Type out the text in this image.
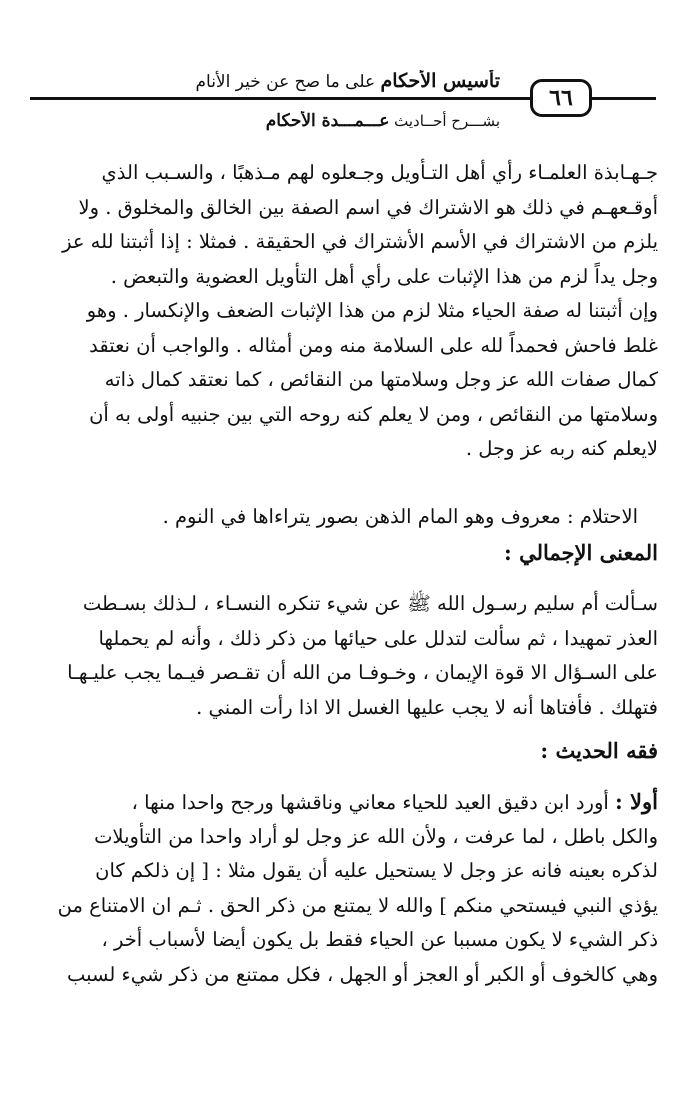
تأسيس الأحكام على ما صح عن خير الأنام
٦٦
بشـــرح أحــاديث عـــمـــدة الأحكام
جـهـابذة العلمـاء رأي أهل التـأويل وجـعلوه لهم مـذهبًا ، والسـبب الذي
أوقـعهـم في ذلك هو الاشتراك في اسم الصفة بين الخالق والمخلوق . ولا
يلزم من الاشتراك في الأسم الأشتراك في الحقيقة . فمثلا : إذا أثبتنا لله عز
وجل يداً لزم من هذا الإثبات على رأي أهل التأويل العضوية والتبعض .
وإن أثبتنا له صفة الحياء مثلا لزم من هذا الإثبات الضعف والإنكسار . وهو
غلط فاحش فحمداً لله على السلامة منه ومن أمثاله . والواجب أن نعتقد
كمال صفات الله عز وجل وسلامتها من النقائص ، كما نعتقد كمال ذاته
وسلامتها من النقائص ، ومن لا يعلم كنه روحه التي بين جنبيه أولى به أن
لايعلم كنه ربه عز وجل .
الاحتلام : معروف وهو المام الذهن بصور يتراءاها في النوم .
المعنى الإجمالي :
سـألت أم سليم رسـول الله ﷺ عن شيء تنكره النسـاء ، لـذلك بسـطت
العذر تمهيدا ، ثم سألت لتدلل على حيائها من ذكر ذلك ، وأنه لم يحملها
على السـؤال الا قوة الإيمان ، وخـوفـا من الله أن تقـصر فيـما يجب عليـهـا
فتهلك . فأفتاها أنه لا يجب عليها الغسل الا اذا رأت المني .
فقه الحديث :
أولا : أورد ابن دقيق العيد للحياء معاني وناقشها ورجح واحدا منها ،
والكل باطل ، لما عرفت ، ولأن الله عز وجل لو أراد واحدا من التأويلات
لذكره بعينه فانه عز وجل لا يستحيل عليه أن يقول مثلا : [ إن ذلكم كان
يؤذي النبي فيستحي منكم ] والله لا يمتنع من ذكر الحق . ثـم ان الامتناع من
ذكر الشيء لا يكون مسببا عن الحياء فقط بل يكون أيضا لأسباب أخر ،
وهي كالخوف أو الكبر أو العجز أو الجهل ، فكل ممتنع من ذكر شيء لسبب
